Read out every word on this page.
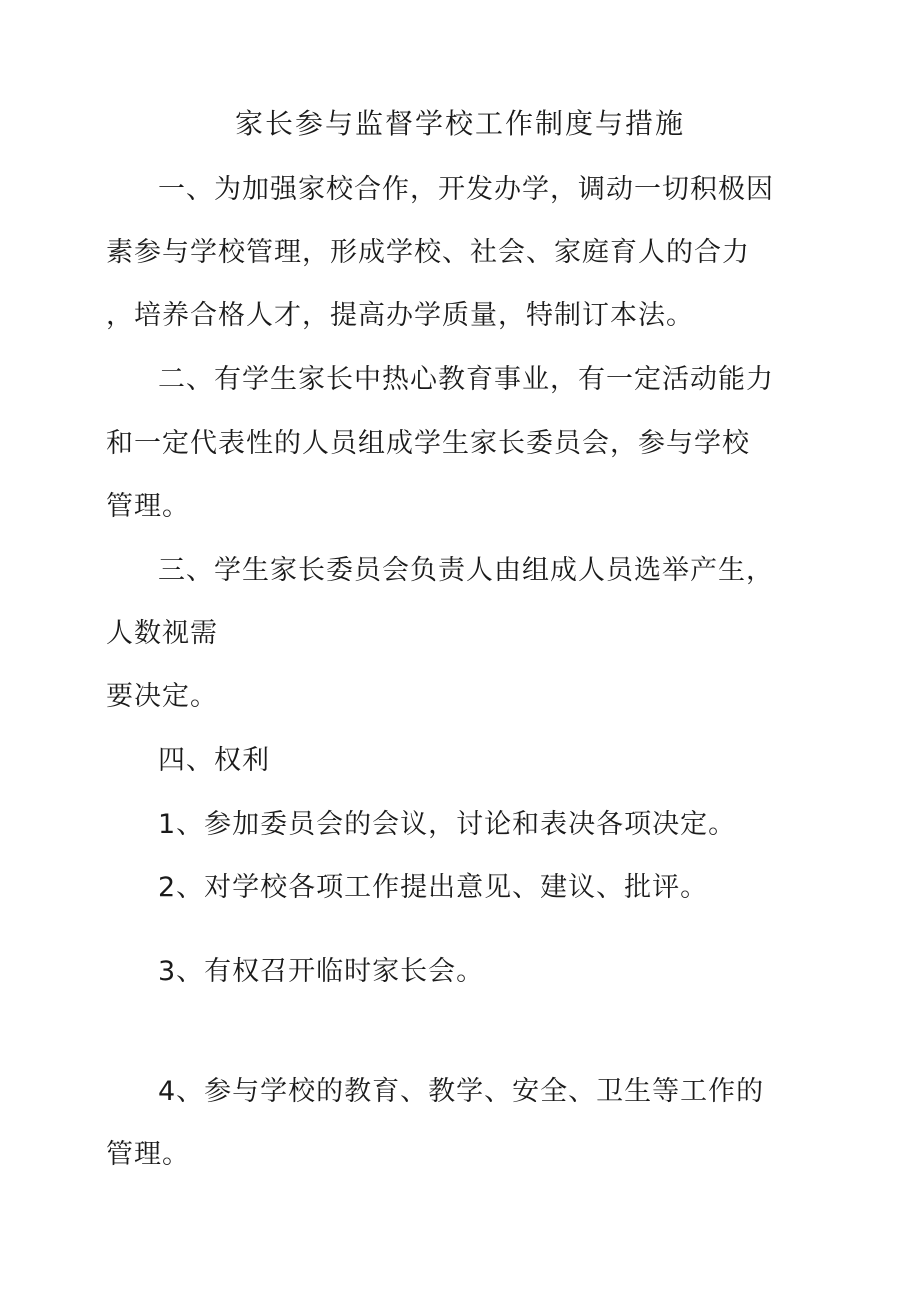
家长参与监督学校工作制度与措施
一、为加强家校合作，开发办学，调动一切积极因
素参与学校管理，形成学校、社会、家庭育人的合力
，培养合格人才，提高办学质量，特制订本法。
二、有学生家长中热心教育事业，有一定活动能力
和一定代表性的人员组成学生家长委员会，参与学校
管理。
三、学生家长委员会负责人由组成人员选举产生，
人数视需
要决定。
四、权利
1、参加委员会的会议，讨论和表决各项决定。
2、对学校各项工作提出意见、建议、批评。
3、有权召开临时家长会。
4、参与学校的教育、教学、安全、卫生等工作的
管理。
